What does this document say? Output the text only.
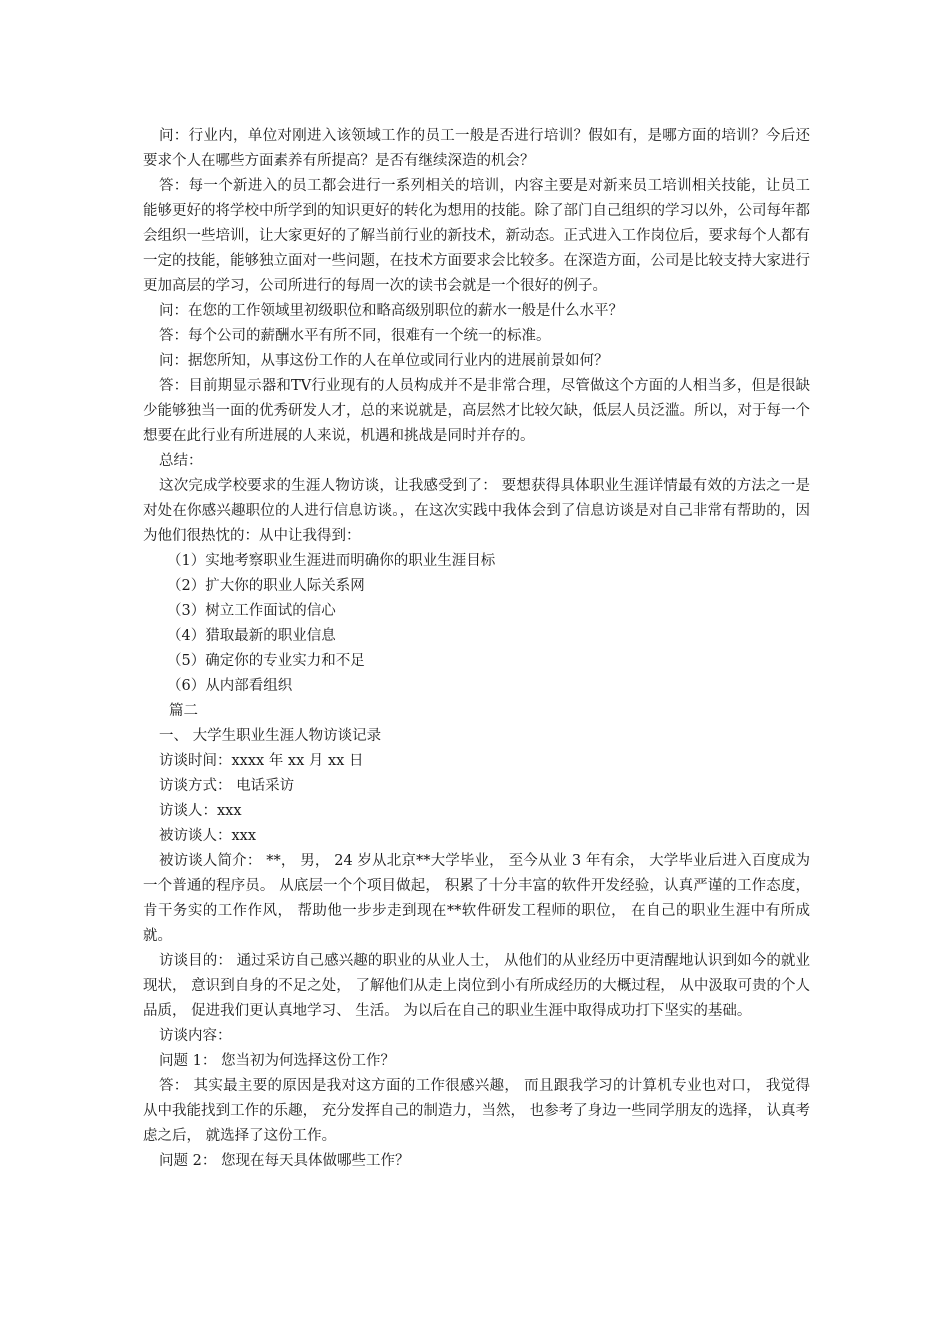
问：行业内，单位对刚进入该领域工作的员工一般是否进行培训？假如有，是哪方面的培训？今后还要求个人在哪些方面素养有所提高？是否有继续深造的机会？

答：每一个新进入的员工都会进行一系列相关的培训，内容主要是对新来员工培训相关技能，让员工能够更好的将学校中所学到的知识更好的转化为想用的技能。除了部门自己组织的学习以外，公司每年都会组织一些培训，让大家更好的了解当前行业的新技术，新动态。正式进入工作岗位后，要求每个人都有一定的技能，能够独立面对一些问题，在技术方面要求会比较多。在深造方面，公司是比较支持大家进行更加高层的学习，公司所进行的每周一次的读书会就是一个很好的例子。

问：在您的工作领域里初级职位和略高级别职位的薪水一般是什么水平？

答：每个公司的薪酬水平有所不同，很难有一个统一的标准。

问：据您所知，从事这份工作的人在单位或同行业内的进展前景如何？

答：目前期显示器和TV行业现有的人员构成并不是非常合理，尽管做这个方面的人相当多，但是很缺少能够独当一面的优秀研发人才，总的来说就是，高层然才比较欠缺，低层人员泛滥。所以，对于每一个想要在此行业有所进展的人来说，机遇和挑战是同时并存的。

总结：

这次完成学校要求的生涯人物访谈，让我感受到了： 要想获得具体职业生涯详情最有效的方法之一是对处在你感兴趣职位的人进行信息访谈。，在这次实践中我体会到了信息访谈是对自己非常有帮助的，因为他们很热忱的：从中让我得到：

（1）实地考察职业生涯进而明确你的职业生涯目标

（2）扩大你的职业人际关系网

（3）树立工作面试的信心

（4）猎取最新的职业信息

（5）确定你的专业实力和不足

（6）从内部看组织

篇二

一、 大学生职业生涯人物访谈记录

访谈时间：xxxx 年 xx 月 xx 日

访谈方式： 电话采访

访谈人：xxx

被访谈人：xxx

被访谈人简介： **， 男， 24 岁从北京**大学毕业， 至今从业 3 年有余， 大学毕业后进入百度成为一个普通的程序员。 从底层一个个项目做起， 积累了十分丰富的软件开发经验，认真严谨的工作态度， 肯干务实的工作作风， 帮助他一步步走到现在**软件研发工程师的职位， 在自己的职业生涯中有所成就。

访谈目的： 通过采访自己感兴趣的职业的从业人士， 从他们的从业经历中更清醒地认识到如今的就业现状， 意识到自身的不足之处， 了解他们从走上岗位到小有所成经历的大概过程， 从中汲取可贵的个人品质， 促进我们更认真地学习、 生活。 为以后在自己的职业生涯中取得成功打下坚实的基础。

访谈内容：

问题 1： 您当初为何选择这份工作？

答： 其实最主要的原因是我对这方面的工作很感兴趣， 而且跟我学习的计算机专业也对口， 我觉得从中我能找到工作的乐趣， 充分发挥自己的制造力，当然， 也参考了身边一些同学朋友的选择， 认真考虑之后， 就选择了这份工作。

问题 2： 您现在每天具体做哪些工作？
